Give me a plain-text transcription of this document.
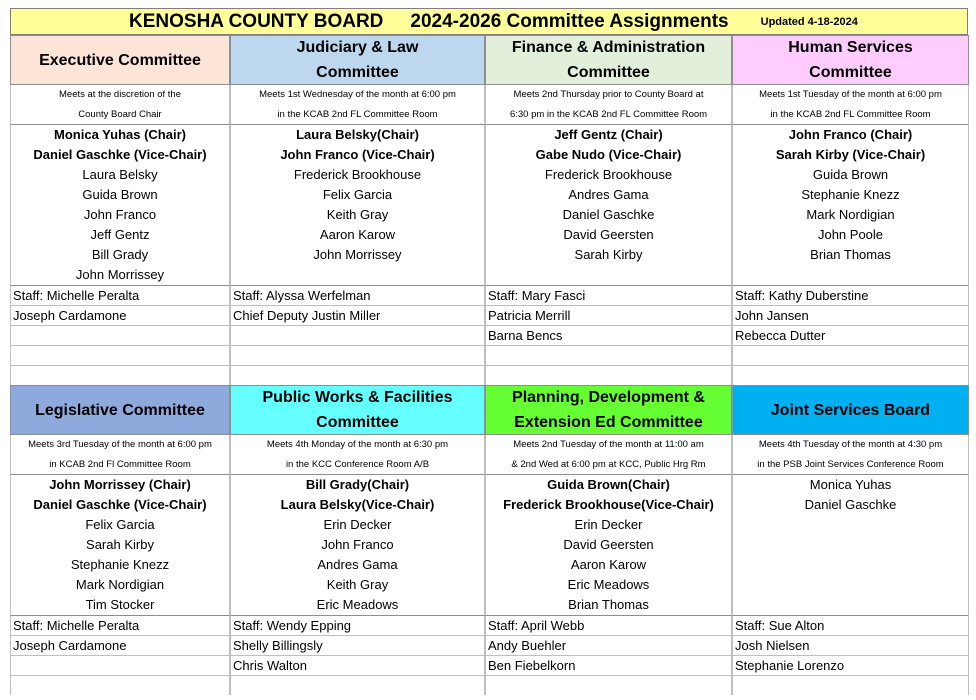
KENOSHA COUNTY BOARD 2024-2026 Committee Assignments	Updated 4-18-2024
Executive Committee
Meets at the discretion of the
County Board Chair
Monica Yuhas (Chair)
Daniel Gaschke (Vice-Chair)
Laura Belsky
Guida Brown
John Franco
Jeff Gentz
Bill Grady
John Morrissey
Staff: Michelle Peralta
Joseph Cardamone
Judiciary & Law
Committee
Meets 1st Wednesday of the month at 6:00 pm
in the KCAB 2nd FL Committee Room
Laura Belsky(Chair)
John Franco (Vice-Chair)
Frederick Brookhouse
Felix Garcia
Keith Gray
Aaron Karow
John Morrissey
Staff: Alyssa Werfelman
Chief Deputy Justin Miller
Finance & Administration
Committee
Meets 2nd Thursday prior to County Board at
6:30 pm in the KCAB 2nd FL Committee Room
Jeff Gentz (Chair)
Gabe Nudo (Vice-Chair)
Frederick Brookhouse
Andres Gama
Daniel Gaschke
David Geersten
Sarah Kirby
Staff: Mary Fasci
Patricia Merrill
Barna Bencs
Human Services
Committee
Meets 1st Tuesday of the month at 6:00 pm
in the KCAB 2nd FL Committee Room
John Franco (Chair)
Sarah Kirby (Vice-Chair)
Guida Brown
Stephanie Knezz
Mark Nordigian
John Poole
Brian Thomas
Staff: Kathy Duberstine
John Jansen
Rebecca Dutter
Legislative Committee
Meets 3rd Tuesday of the month at 6:00 pm
in KCAB 2nd Fl Committee Room
John Morrissey (Chair)
Daniel Gaschke (Vice-Chair)
Felix Garcia
Sarah Kirby
Stephanie Knezz
Mark Nordigian
Tim Stocker
Staff: Michelle Peralta
Joseph Cardamone
Public Works & Facilities
Committee
Meets 4th Monday of the month at 6:30 pm
in the KCC Conference Room A/B
Bill Grady(Chair)
Laura Belsky(Vice-Chair)
Erin Decker
John Franco
Andres Gama
Keith Gray
Eric Meadows
Staff: Wendy Epping
Shelly Billingsly
Chris Walton
Planning, Development &
Extension Ed Committee
Meets 2nd Tuesday of the month at 11:00 am
& 2nd Wed at 6:00 pm at KCC, Public Hrg Rm
Guida Brown(Chair)
Frederick Brookhouse(Vice-Chair)
Erin Decker
David Geersten
Aaron Karow
Eric Meadows
Brian Thomas
Staff: April Webb
Andy Buehler
Ben Fiebelkorn
Joint Services Board
Meets 4th Tuesday of the month at 4:30 pm
in the PSB Joint Services Conference Room
Monica Yuhas
Daniel Gaschke
Staff: Sue Alton
Josh Nielsen
Stephanie Lorenzo
